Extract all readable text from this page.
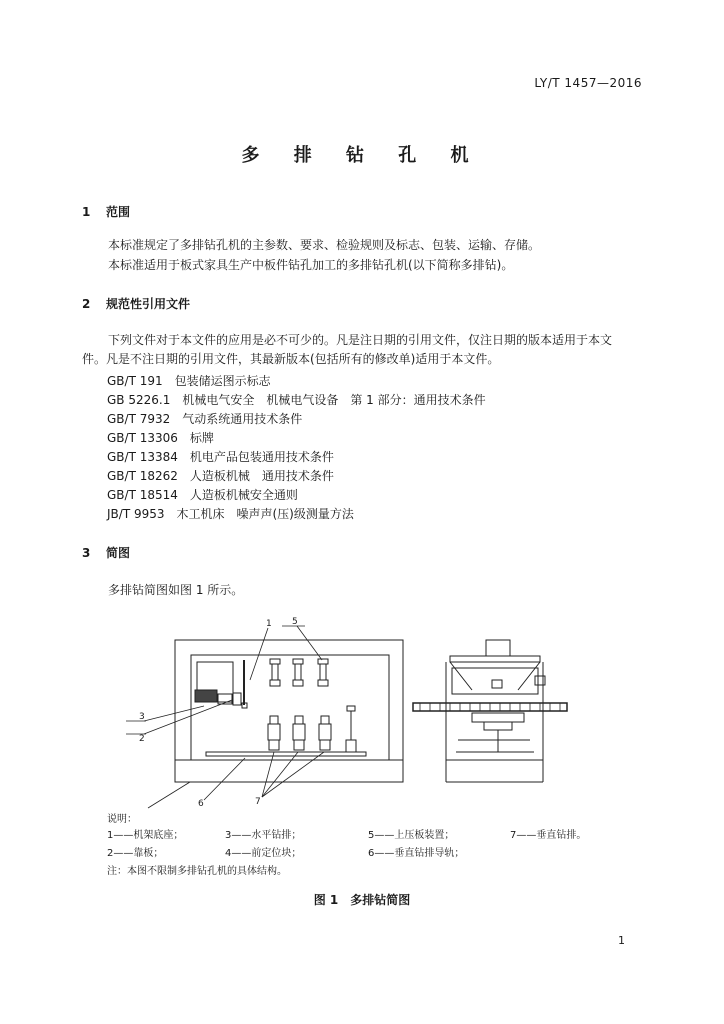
LY/T 1457—2016
多 排 钻 孔 机
1 范围
本标准规定了多排钻孔机的主参数、要求、检验规则及标志、包装、运输、存储。
本标准适用于板式家具生产中板件钻孔加工的多排钻孔机(以下简称多排钻)。
2 规范性引用文件
下列文件对于本文件的应用是必不可少的。凡是注日期的引用文件，仅注日期的版本适用于本文
件。凡是不注日期的引用文件，其最新版本(包括所有的修改单)适用于本文件。
GB/T 191　包装储运图示标志
GB 5226.1　机械电气安全　机械电气设备　第 1 部分：通用技术条件
GB/T 7932　气动系统通用技术条件
GB/T 13306　标牌
GB/T 13384　机电产品包装通用技术条件
GB/T 18262　人造板机械　通用技术条件
GB/T 18514　人造板机械安全通则
JB/T 9953　木工机床　噪声声(压)级测量方法
3 简图
多排钻简图如图 1 所示。
1 5
3
2
6	7
说明：
1——机架底座；	3——水平钻排；	5——上压板装置；	7——垂直钻排。
2——靠板；	4——前定位块；	6——垂直钻排导轨；
注：本图不限制多排钻孔机的具体结构。
图 1　多排钻简图
1
